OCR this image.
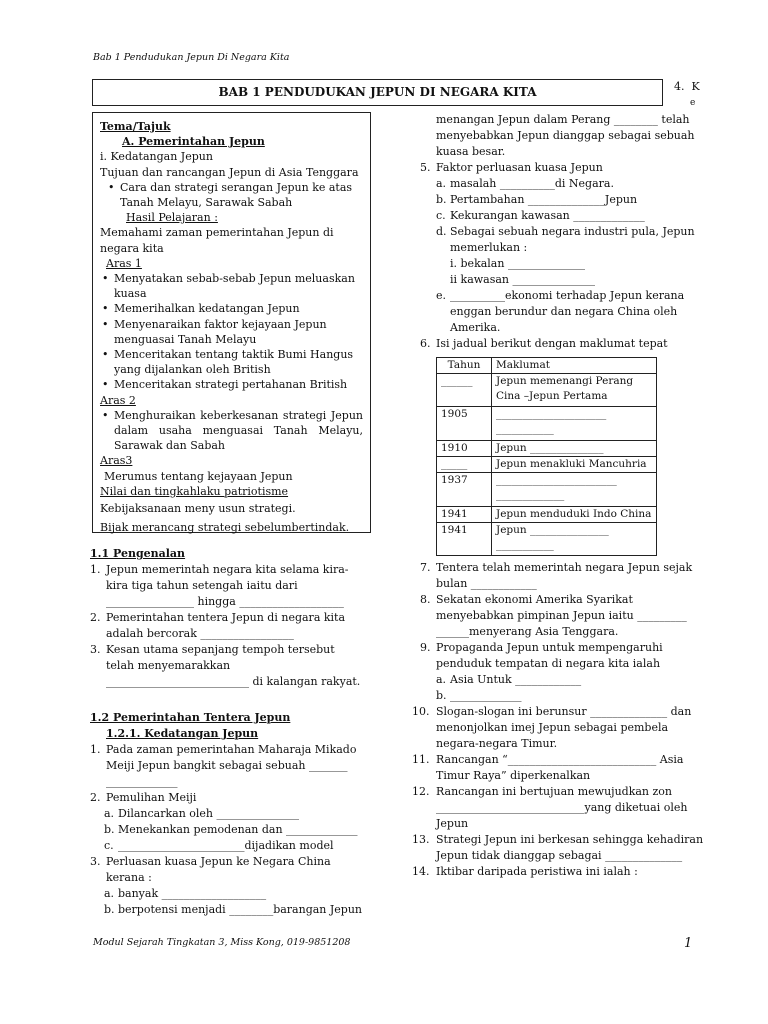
Bab 1 Pendudukan Jepun Di Negara Kita
BAB 1 PENDUDUKAN JEPUN DI NEGARA KITA	4. K
e
Tema/Tajuk
A. Pemerintahan Jepun
i. Kedatangan Jepun
Tujuan dan rancangan Jepun di Asia Tenggara
• Cara dan strategi serangan Jepun ke atas Tanah Melayu, Sarawak Sabah
Hasil Pelajaran :
Memahami zaman pemerintahan Jepun di negara kita
Aras 1
• Menyatakan sebab-sebab Jepun meluaskan kuasa
• Memerihalkan kedatangan Jepun
• Menyenaraikan faktor kejayaan Jepun menguasai Tanah Melayu
• Menceritakan tentang taktik Bumi Hangus yang dijalankan oleh British
• Menceritakan strategi pertahanan British
Aras 2
• Menghuraikan keberkesanan strategi Jepun dalam usaha menguasai Tanah Melayu, Sarawak dan Sabah
Aras3
Merumus tentang kejayaan Jepun
Nilai dan tingkahlaku patriotisme
Kebijaksanaan meny usun strategi.
Bijak merancang strategi sebelumbertindak.
1.1 Pengenalan
1. Jepun memerintah negara kita selama kira-kira tiga tahun setengah iaitu dari ________________ hingga ___________________
2. Pemerintahan tentera Jepun di negara kita adalah bercorak _________________
3. Kesan utama sepanjang tempoh tersebut telah menyemarakkan __________________________ di kalangan rakyat.
1.2 Pemerintahan Tentera Jepun
1.2.1. Kedatangan Jepun
1. Pada zaman pemerintahan Maharaja Mikado Meiji Jepun bangkit sebagai sebuah _______ _____________
2. Pemulihan Meiji
a. Dilancarkan oleh _______________
b. Menekankan pemodenan dan _____________
c. _______________________dijadikan model
3. Perluasan kuasa Jepun ke Negara China kerana :
a. banyak ___________________
b. berpotensi menjadi ________barangan Jepun
menangan Jepun dalam Perang ________ telah menyebabkan Jepun dianggap sebagai sebuah kuasa besar.
5. Faktor perluasan kuasa Jepun
a. masalah __________di Negara.
b. Pertambahan ______________Jepun
c. Kekurangan kawasan _____________
d. Sebagai sebuah negara industri pula, Jepun memerlukan :
i. bekalan ______________
ii kawasan _______________
e. __________ekonomi terhadap Jepun kerana enggan berundur dan negara China oleh Amerika.
6. Isi jadual berikut dengan maklumat tepat
Tahun	Maklumat
______	Jepun memenangi Perang Cina –Jepun Pertama
1905	_____________________ ___________
1910	Jepun ______________
_____	Jepun menakluki Mancuhria
1937	_______________________ _____________
1941	Jepun menduduki Indo China
1941	Jepun _______________ ___________
7. Tentera telah memerintah negara Jepun sejak bulan ____________
8. Sekatan ekonomi Amerika Syarikat menyebabkan pimpinan Jepun iaitu _________ ______menyerang Asia Tenggara.
9. Propaganda Jepun untuk mempengaruhi penduduk tempatan di negara kita ialah
a. Asia Untuk ____________
b. _____________
10. Slogan-slogan ini berunsur ______________ dan menonjolkan imej Jepun sebagai pembela negara-negara Timur.
11. Rancangan “___________________________ Asia Timur Raya” diperkenalkan
12. Rancangan ini bertujuan mewujudkan zon ___________________________yang diketuai oleh Jepun
13. Strategi Jepun ini berkesan sehingga kehadiran Jepun tidak dianggap sebagai ______________
14. Iktibar daripada peristiwa ini ialah :
Modul Sejarah Tingkatan 3, Miss Kong, 019-9851208	1
